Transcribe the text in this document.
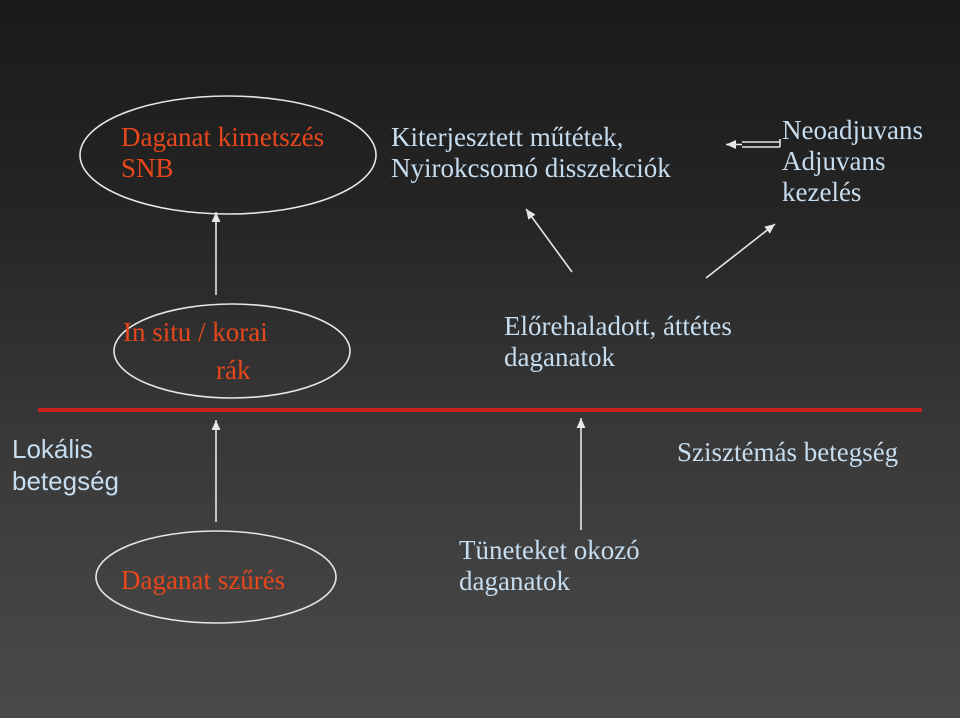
Daganat kimetszés
SNB
Kiterjesztett műtétek,
Nyirokcsomó disszekciók
Neoadjuvans
Adjuvans
kezelés
In situ / korai
rák
Előrehaladott, áttétes
daganatok
Lokális
betegség
Szisztémás betegség
Daganat szűrés
Tüneteket okozó
daganatok
